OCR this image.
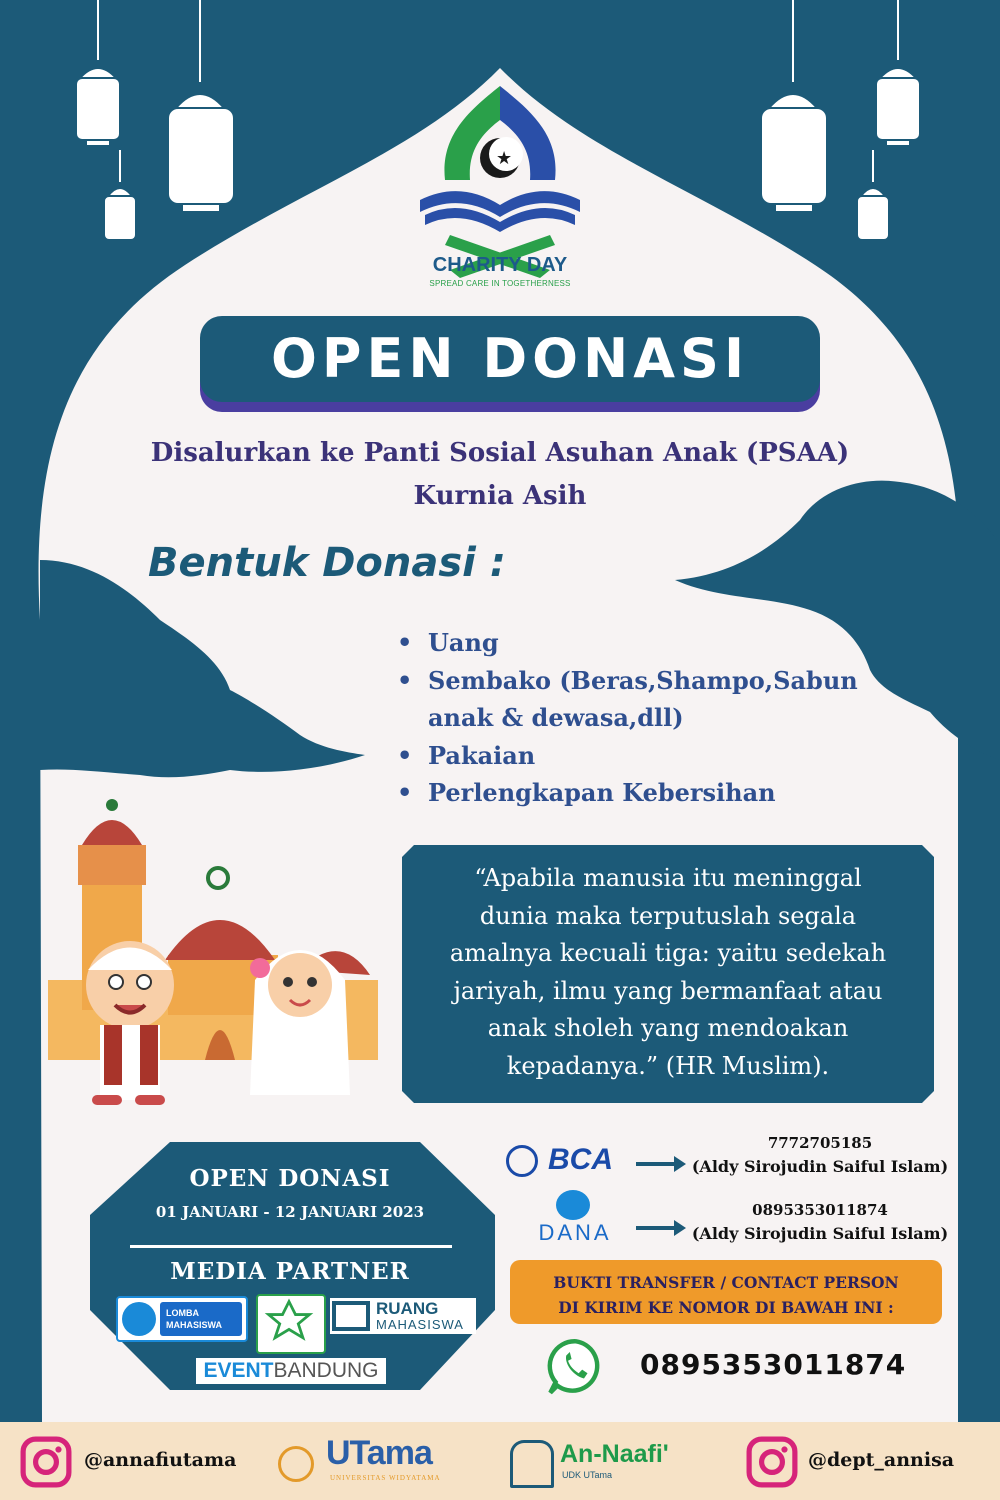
★
CHARITY DAY
SPREAD CARE IN TOGETHERNESS
OPEN DONASI
Disalurkan ke Panti Sosial Asuhan Anak (PSAA)
Kurnia Asih
Bentuk Donasi :
• Uang
• Sembako (Beras,Shampo,Sabun
anak & dewasa,dll)
• Pakaian
• Perlengkapan Kebersihan
“Apabila manusia itu meninggal
dunia maka terputuslah segala
amalnya kecuali tiga: yaitu sedekah
jariyah, ilmu yang bermanfaat atau
anak sholeh yang mendoakan
kepadanya.” (HR Muslim).
OPEN DONASI
01 JANUARI - 12 JANUARI 2023
MEDIA PARTNER
LOMBA
MAHASISWA
RUANG
MAHASISWA
EVENTBANDUNG
BCA	7772705185
(Aldy Sirojudin Saiful Islam)
DANA
0895353011874
(Aldy Sirojudin Saiful Islam)
BUKTI TRANSFER / CONTACT PERSON
DI KIRIM KE NOMOR DI BAWAH INI :
0895353011874
@annafiutama	UTama
UNIVERSITAS WIDYATAMA
An-Naafi'
UDK UTama
@dept_annisa
